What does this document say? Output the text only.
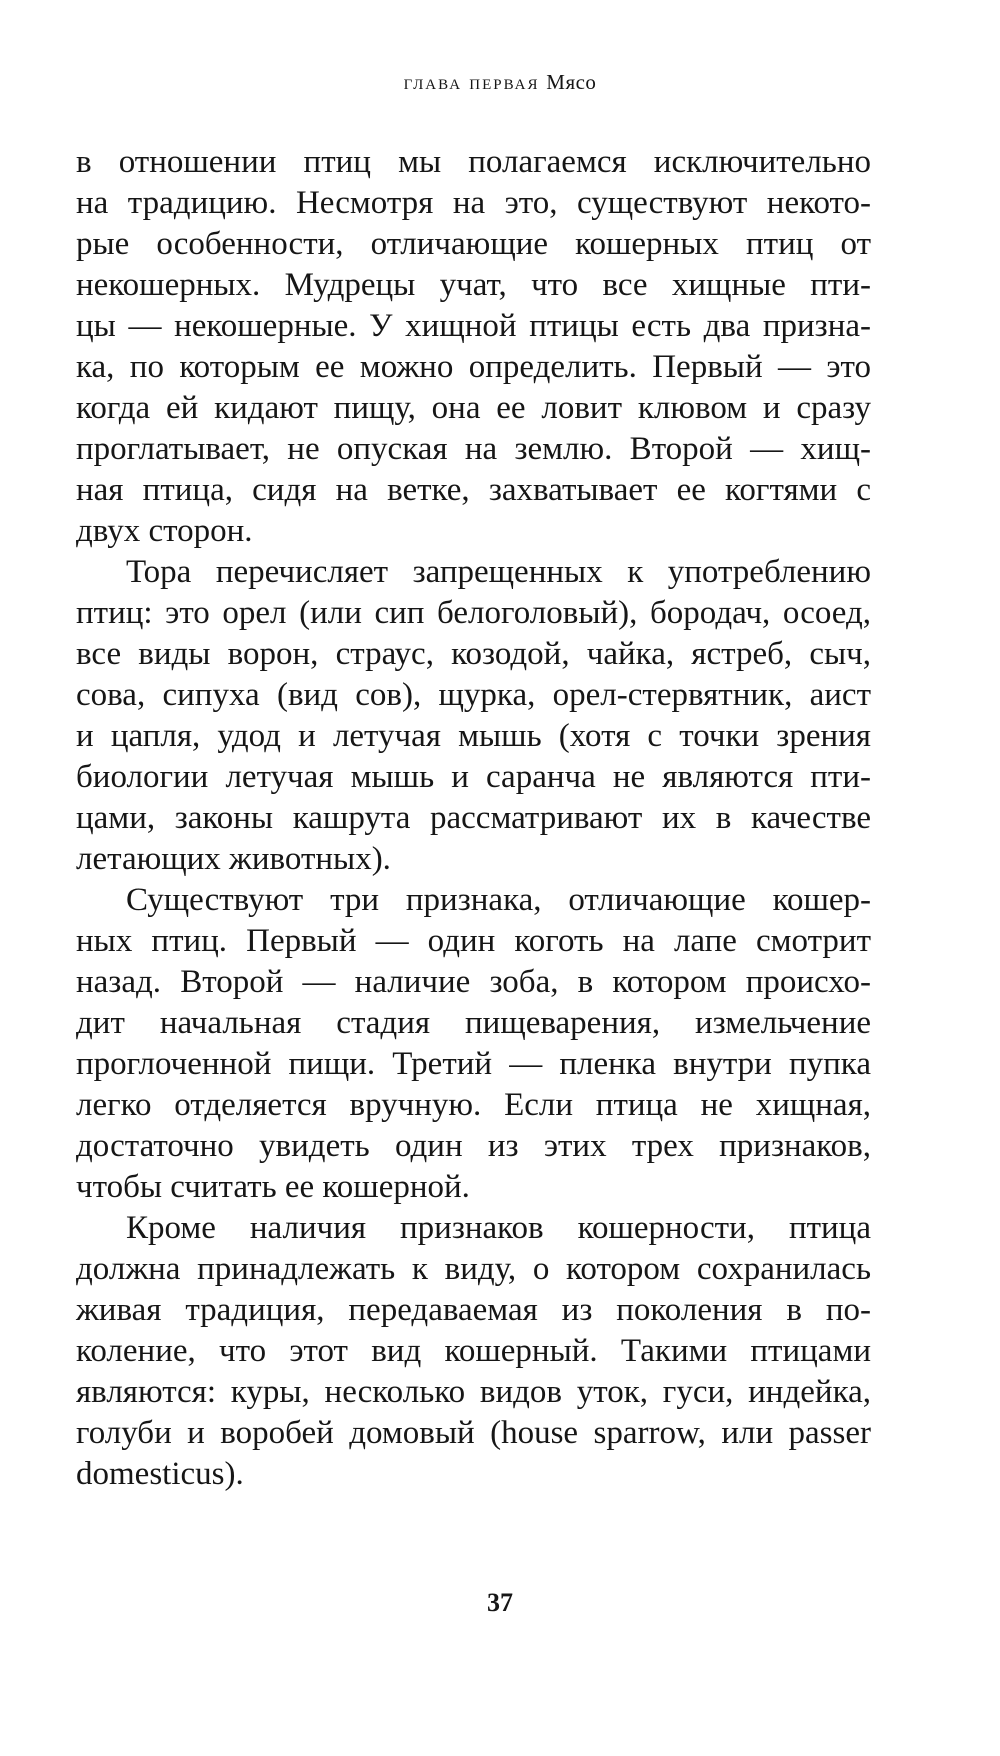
глава первая Мясо
в отношении птиц мы полагаемся исключительно
на традицию. Несмотря на это, существуют некото-
рые особенности, отличающие кошерных птиц от
некошерных. Мудрецы учат, что все хищные пти-
цы — некошерные. У хищной птицы есть два призна-
ка, по которым ее можно определить. Первый — это
когда ей кидают пищу, она ее ловит клювом и сразу
проглатывает, не опуская на землю. Второй — хищ-
ная птица, сидя на ветке, захватывает ее когтями с
двух сторон.
Тора перечисляет запрещенных к употреблению
птиц: это орел (или сип белоголовый), бородач, осоед,
все виды ворон, страус, козодой, чайка, ястреб, сыч,
сова, сипуха (вид сов), щурка, орел-стервятник, аист
и цапля, удод и летучая мышь (хотя с точки зрения
биологии летучая мышь и саранча не являются пти-
цами, законы кашрута рассматривают их в качестве
летающих животных).
Существуют три признака, отличающие кошер-
ных птиц. Первый — один коготь на лапе смотрит
назад. Второй — наличие зоба, в котором происхо-
дит начальная стадия пищеварения, измельчение
проглоченной пищи. Третий — пленка внутри пупка
легко отделяется вручную. Если птица не хищная,
достаточно увидеть один из этих трех признаков,
чтобы считать ее кошерной.
Кроме наличия признаков кошерности, птица
должна принадлежать к виду, о котором сохранилась
живая традиция, передаваемая из поколения в по-
коление, что этот вид кошерный. Такими птицами
являются: куры, несколько видов уток, гуси, индейка,
голуби и воробей домовый (house sparrow, или passer
domesticus).
37
